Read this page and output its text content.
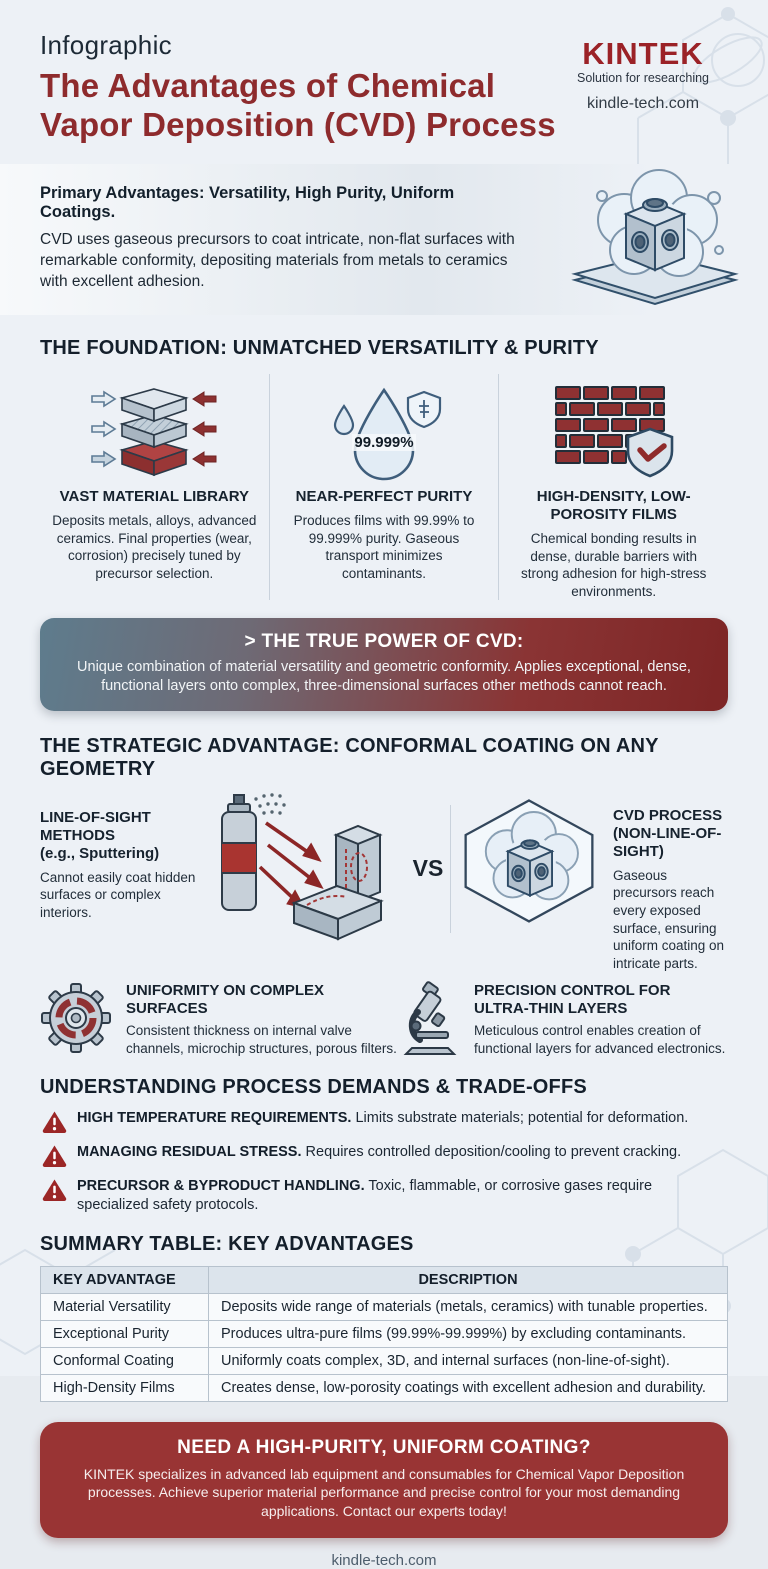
Infographic
The Advantages of Chemical
Vapor Deposition (CVD) Process
KINTEK
Solution for researching
kindle-tech.com
Primary Advantages: Versatility, High Purity, Uniform Coatings.
CVD uses gaseous precursors to coat intricate, non-flat surfaces with remarkable conformity, depositing materials from metals to ceramics with excellent adhesion.
THE FOUNDATION: UNMATCHED VERSATILITY & PURITY
VAST MATERIAL LIBRARY
Deposits metals, alloys, advanced ceramics. Final properties (wear, corrosion) precisely tuned by precursor selection.
99.999%
NEAR-PERFECT PURITY
Produces films with 99.99% to 99.999% purity. Gaseous transport minimizes contaminants.
HIGH-DENSITY, LOW-POROSITY FILMS
Chemical bonding results in dense, durable barriers with strong adhesion for high-stress environments.
> THE TRUE POWER OF CVD:
Unique combination of material versatility and geometric conformity. Applies exceptional, dense, functional layers onto complex, three-dimensional surfaces other methods cannot reach.
THE STRATEGIC ADVANTAGE: CONFORMAL COATING ON ANY GEOMETRY
LINE-OF-SIGHT METHODS
(e.g., Sputtering)
Cannot easily coat hidden surfaces or complex interiors.
VS
CVD PROCESS
(NON-LINE-OF-SIGHT)
Gaseous precursors reach every exposed surface, ensuring uniform coating on intricate parts.
UNIFORMITY ON COMPLEX SURFACES
Consistent thickness on internal valve channels, microchip structures, porous filters.
PRECISION CONTROL FOR ULTRA-THIN LAYERS
Meticulous control enables creation of functional layers for advanced electronics.
UNDERSTANDING PROCESS DEMANDS & TRADE-OFFS
HIGH TEMPERATURE REQUIREMENTS. Limits substrate materials; potential for deformation.
MANAGING RESIDUAL STRESS. Requires controlled deposition/cooling to prevent cracking.
PRECURSOR & BYPRODUCT HANDLING. Toxic, flammable, or corrosive gases require specialized safety protocols.
SUMMARY TABLE: KEY ADVANTAGES
KEY ADVANTAGE	DESCRIPTION
Material Versatility	Deposits wide range of materials (metals, ceramics) with tunable properties.
Exceptional Purity	Produces ultra-pure films (99.99%-99.999%) by excluding contaminants.
Conformal Coating	Uniformly coats complex, 3D, and internal surfaces (non-line-of-sight).
High-Density Films	Creates dense, low-porosity coatings with excellent adhesion and durability.
NEED A HIGH-PURITY, UNIFORM COATING?
KINTEK specializes in advanced lab equipment and consumables for Chemical Vapor Deposition processes. Achieve superior material performance and precise control for your most demanding applications. Contact our experts today!
kindle-tech.com
